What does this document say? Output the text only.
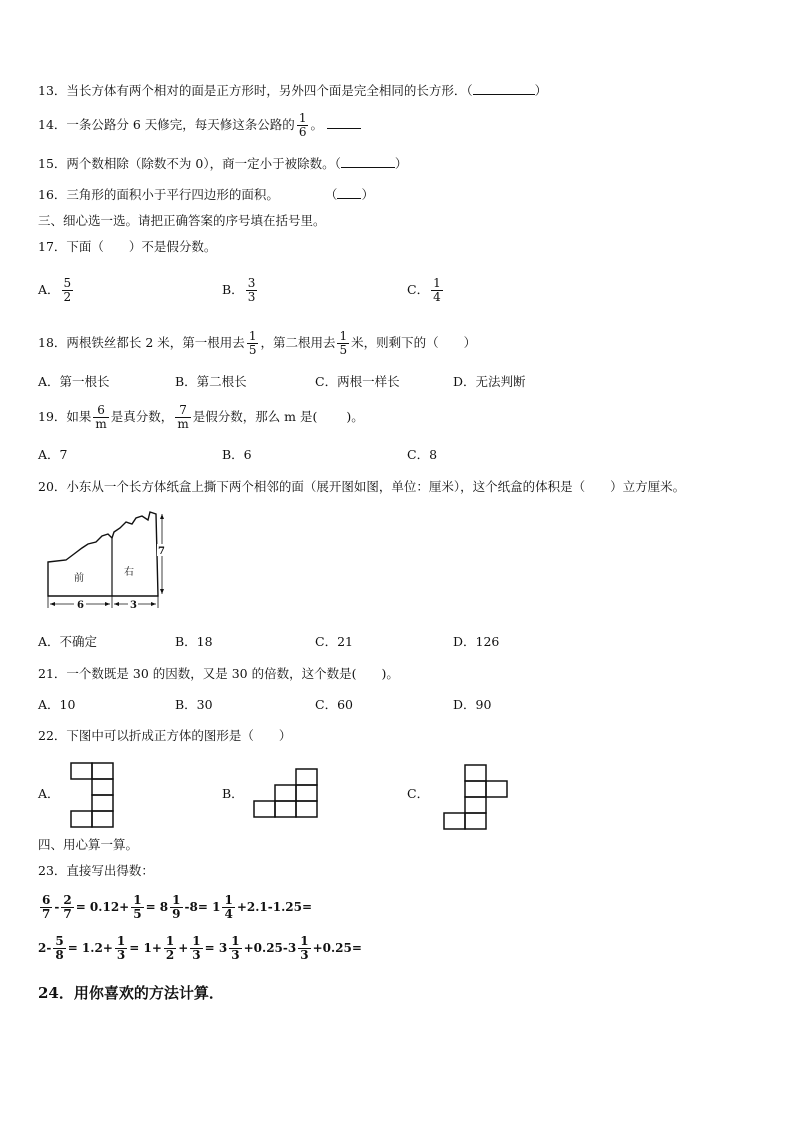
13．当长方体有两个相对的面是正方形时，另外四个面是完全相同的长方形．（	）
14．一条公路分 6 天修完，每天修这条公路的 $\frac{1}{6}$ 。
15．两个数相除（除数不为 0），商一定小于被除数。（	）
16．三角形的面积小于平行四边形的面积。	（ ）
三、细心选一选。请把正确答案的序号填在括号里。
17．下面（　　）不是假分数。
A． $\frac{5}{2}$	B． $\frac{3}{3}$	C． $\frac{1}{4}$
18．两根铁丝都长 2 米，第一根用去 $\frac{1}{5}$ ，第二根用去 $\frac{1}{5}$ 米，则剩下的（　　）
A．第一根长	B．第二根长	C．两根一样长	D．无法判断
19．如果 $\frac{6}{m}$ 是真分数， $\frac{7}{m}$ 是假分数，那么 m 是(　　 )。
A．7	B．6	C．8
20．小东从一个长方体纸盒上撕下两个相邻的面（展开图如图，单位：厘米），这个纸盒的体积是（　　）立方厘米。
前
右
6	3
7
A．不确定	B．18	C．21	D．126
21．一个数既是 30 的因数，又是 30 的倍数，这个数是(　　)。
A．10	B．30	C．60	D．90
22．下图中可以折成正方体的图形是（　　）
A．	B．	C．
四、用心算一算。
23．直接写出得数：
$\frac{6}{7} - \frac{2}{7} = 0.12+ \frac{1}{5} = 8 \frac{1}{9} -8= 1 \frac{1}{4} +2.1-1.25=$
$2- \frac{5}{8} = 1.2+ \frac{1}{3} = 1+ \frac{1}{2} + \frac{1}{3} = 3 \frac{1}{3} +0.25-3 \frac{1}{3} +0.25=$
24．用你喜欢的方法计算．
